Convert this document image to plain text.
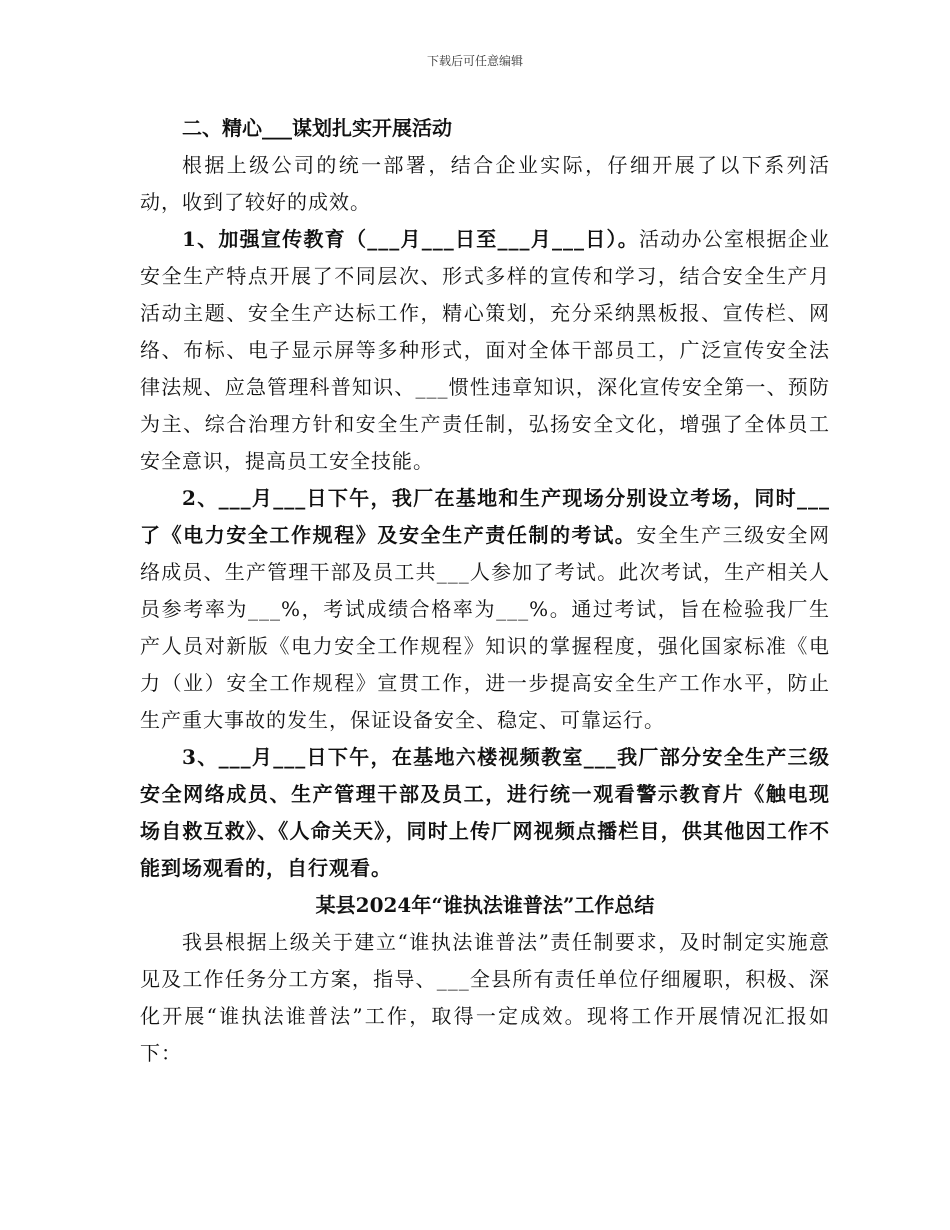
下载后可任意编辑

二、精心___谋划扎实开展活动

根据上级公司的统一部署，结合企业实际，仔细开展了以下系列活动，收到了较好的成效。

1、加强宣传教育（___月___日至___月___日）。活动办公室根据企业安全生产特点开展了不同层次、形式多样的宣传和学习，结合安全生产月活动主题、安全生产达标工作，精心策划，充分采纳黑板报、宣传栏、网络、布标、电子显示屏等多种形式，面对全体干部员工，广泛宣传安全法律法规、应急管理科普知识、___惯性违章知识，深化宣传安全第一、预防为主、综合治理方针和安全生产责任制，弘扬安全文化，增强了全体员工安全意识，提高员工安全技能。

2、___月___日下午，我厂在基地和生产现场分别设立考场，同时___了《电力安全工作规程》及安全生产责任制的考试。安全生产三级安全网络成员、生产管理干部及员工共___人参加了考试。此次考试，生产相关人员参考率为___%，考试成绩合格率为___%。通过考试，旨在检验我厂生产人员对新版《电力安全工作规程》知识的掌握程度，强化国家标准《电力（业）安全工作规程》宣贯工作，进一步提高安全生产工作水平，防止生产重大事故的发生，保证设备安全、稳定、可靠运行。

3、___月___日下午，在基地六楼视频教室___我厂部分安全生产三级安全网络成员、生产管理干部及员工，进行统一观看警示教育片《触电现场自救互救》、《人命关天》，同时上传厂网视频点播栏目，供其他因工作不能到场观看的，自行观看。

某县2024年“谁执法谁普法”工作总结

我县根据上级关于建立“谁执法谁普法”责任制要求，及时制定实施意见及工作任务分工方案，指导、___全县所有责任单位仔细履职，积极、深化开展“谁执法谁普法”工作，取得一定成效。现将工作开展情况汇报如下：
